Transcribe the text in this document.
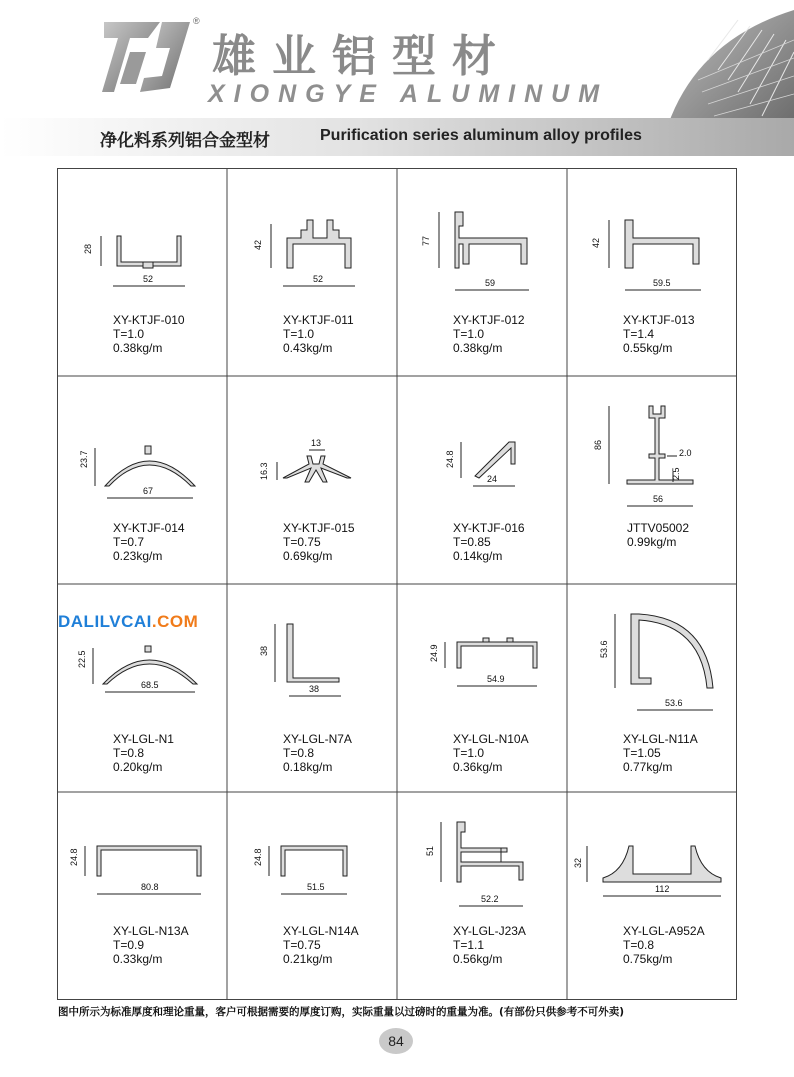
®
雄业铝型材
XIONGYE ALUMINUM
净化料系列铝合金型材	Purification series aluminum alloy profiles
28
52
XY-KTJF-010
T=1.0
0.38kg/m
42
52
XY-KTJF-011
T=1.0
0.43kg/m
77
59
XY-KTJF-012
T=1.0
0.38kg/m
42
59.5
XY-KTJF-013
T=1.4
0.55kg/m
23.7
67
XY-KTJF-014
T=0.7
0.23kg/m
13
16.3
XY-KTJF-015
T=0.75
0.69kg/m
24.8
24
XY-KTJF-016
T=0.85
0.14kg/m
86
56
2.0
2.5
JTTV05002
0.99kg/m
22.5
68.5
XY-LGL-N1
T=0.8
0.20kg/m
38
38
XY-LGL-N7A
T=0.8
0.18kg/m
24.9
54.9
XY-LGL-N10A
T=1.0
0.36kg/m
53.6
53.6
XY-LGL-N11A
T=1.05
0.77kg/m
24.8
80.8
XY-LGL-N13A
T=0.9
0.33kg/m
24.8
51.5
XY-LGL-N14A
T=0.75
0.21kg/m
51
52.2
XY-LGL-J23A
T=1.1
0.56kg/m
32
112
XY-LGL-A952A
T=0.8
0.75kg/m
DALILVCAI.COM
图中所示为标准厚度和理论重量，客户可根据需要的厚度订购，实际重量以过磅时的重量为准。(有部份只供参考不可外卖)
84
